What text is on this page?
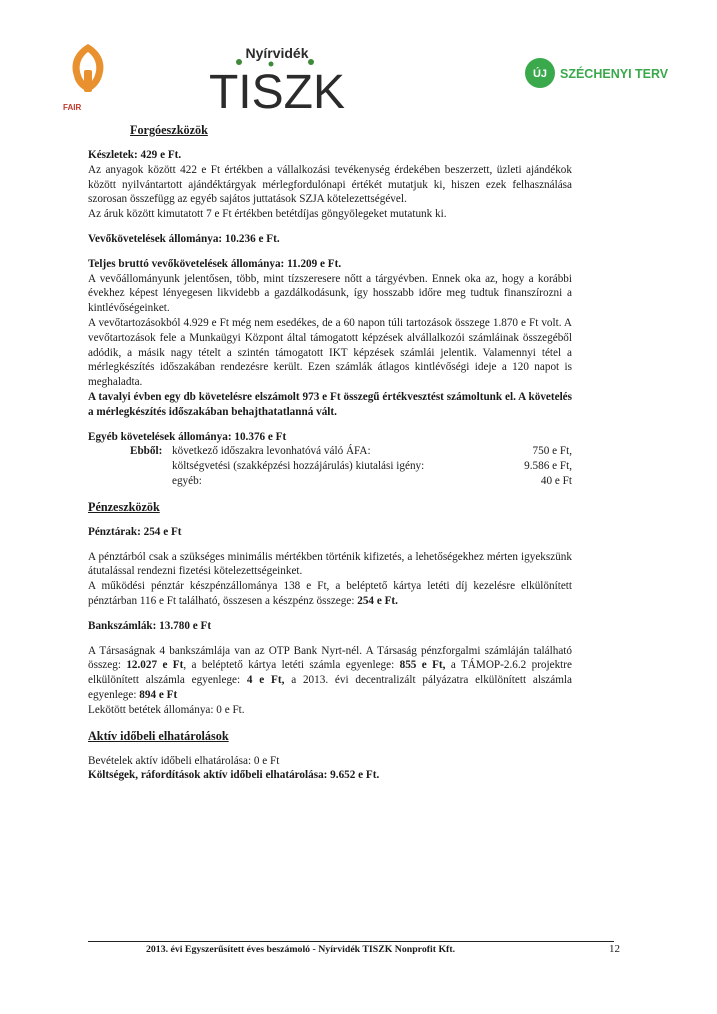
FAIR
Nyírvidék
TISZK	ÚJ SZÉCHENYI TERV

Forgóeszközök

Készletek: 429 e Ft.

Az anyagok között 422 e Ft értékben a vállalkozási tevékenység érdekében beszerzett, üzleti ajándékok között nyilvántartott ajándéktárgyak mérlegfordulónapi értékét mutatjuk ki, hiszen ezek felhasználása szorosan összefügg az egyéb sajátos juttatások SZJA kötelezettségével.

Az áruk között kimutatott 7 e Ft értékben betétdíjas göngyölegeket mutatunk ki.

Vevőkövetelések állománya: 10.236 e Ft.

Teljes bruttó vevőkövetelések állománya: 11.209 e Ft.

A vevőállományunk jelentősen, több, mint tízszeresere nőtt a tárgyévben. Ennek oka az, hogy a korábbi évekhez képest lényegesen likvidebb a gazdálkodásunk, így hosszabb időre meg tudtuk finanszírozni a kintlévőségeinket.

A vevőtartozásokból 4.929 e Ft még nem esedékes, de a 60 napon túli tartozások összege 1.870 e Ft volt. A vevőtartozások fele a Munkaügyi Központ által támogatott képzések alvállalkozói számláinak összegéből adódik, a másik nagy tételt a szintén támogatott IKT képzések számlái jelentik. Valamennyi tétel a mérlegkészítés időszakában rendezésre került. Ezen számlák átlagos kintlévőségi ideje a 120 napot is meghaladta.

A tavalyi évben egy db követelésre elszámolt 973 e Ft összegű értékvesztést számoltunk el. A követelés a mérlegkészítés időszakában behajthatatlanná vált.

Egyéb követelések állománya: 10.376 e Ft

Ebből: következő időszakra levonhatóvá váló ÁFA:	750 e Ft,
költségvetési (szakképzési hozzájárulás) kiutalási igény:	9.586 e Ft,
egyéb:	40 e Ft

Pénzeszközök

Pénztárak: 254 e Ft

A pénztárból csak a szükséges minimális mértékben történik kifizetés, a lehetőségekhez mérten igyekszünk átutalással rendezni fizetési kötelezettségeinket.

A működési pénztár készpénzállománya 138 e Ft, a beléptető kártya letéti díj kezelésre elkülönített pénztárban 116 e Ft található, összesen a készpénz összege: 254 e Ft.

Bankszámlák: 13.780 e Ft

A Társaságnak 4 bankszámlája van az OTP Bank Nyrt-nél. A Társaság pénzforgalmi számláján található összeg: 12.027 e Ft, a beléptető kártya letéti számla egyenlege: 855 e Ft, a TÁMOP-2.6.2 projektre elkülönített alszámla egyenlege: 4 e Ft, a 2013. évi decentralizált pályázatra elkülönített alszámla egyenlege: 894 e Ft

Lekötött betétek állománya: 0 e Ft.

Aktív időbeli elhatárolások

Bevételek aktív időbeli elhatárolása: 0 e Ft

Költségek, ráfordítások aktív időbeli elhatárolása: 9.652 e Ft.

2013. évi Egyszerűsített éves beszámoló - Nyírvidék TISZK Nonprofit Kft.	12
